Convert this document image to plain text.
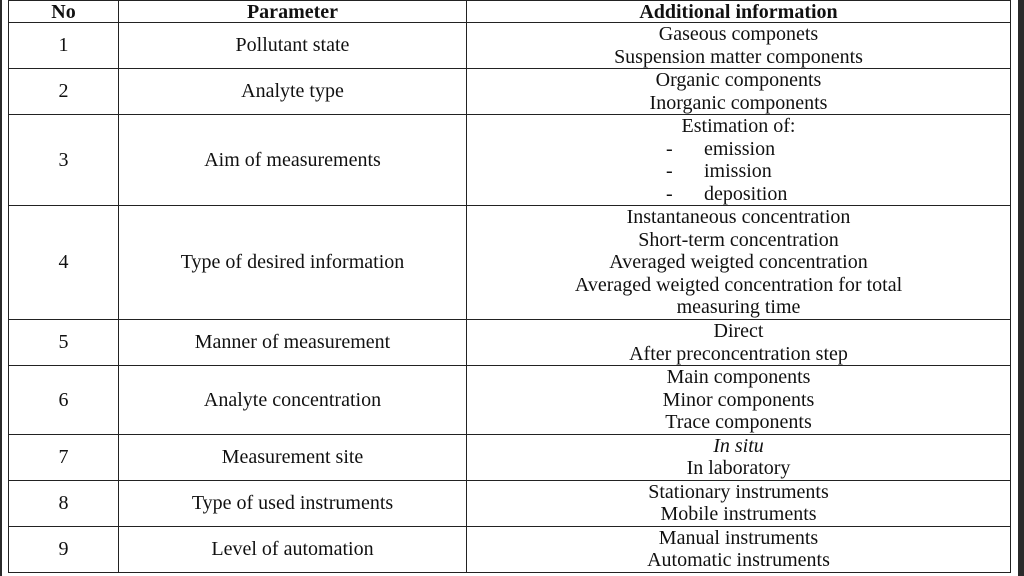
No	Parameter	Additional information
1	Pollutant state	Gaseous componets
Suspension matter components

2	Analyte type	Organic components
Inorganic components

3	Aim of measurements	Estimation of:
- emission
- imission
- deposition

4	Type of desired information	Instantaneous concentration
Short-term concentration
Averaged weigted concentration
Averaged weigted concentration for total
measuring time

5	Manner of measurement	Direct
After preconcentration step

6	Analyte concentration	Main components
Minor components
Trace components

7	Measurement site	In situ
In laboratory

8	Type of used instruments	Stationary instruments
Mobile instruments

9	Level of automation	Manual instruments
Automatic instruments
